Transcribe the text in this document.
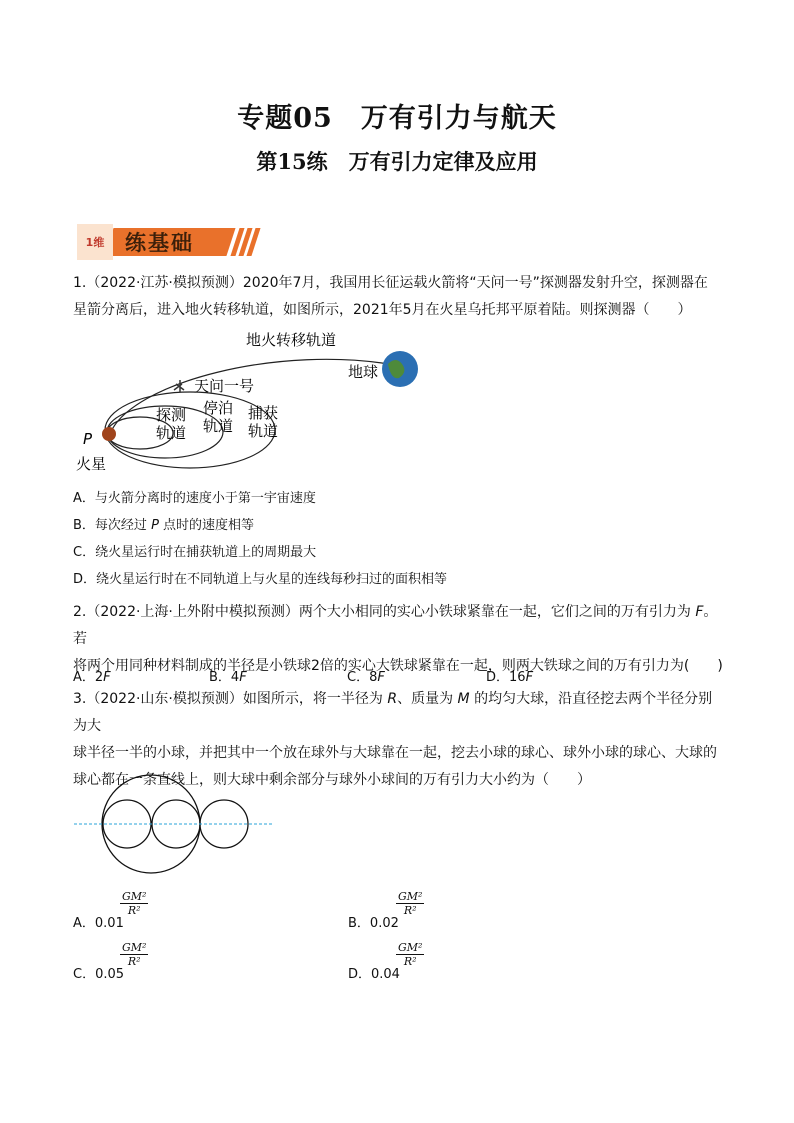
专题05　万有引力与航天
第15练　万有引力定律及应用
1维 练基础
1.（2022·江苏·模拟预测）2020年7月，我国用长征运载火箭将“天问一号”探测器发射升空，探测器在
星箭分离后，进入地火转移轨道，如图所示，2021年5月在火星乌托邦平原着陆。则探测器（　　）
地火转移轨道
地球
天问一号
探测
轨道
停泊
轨道
捕获
轨道
P
火星
A．与火箭分离时的速度小于第一宇宙速度
B．每次经过 P 点时的速度相等
C．绕火星运行时在捕获轨道上的周期最大
D．绕火星运行时在不同轨道上与火星的连线每秒扫过的面积相等
2.（2022·上海·上外附中模拟预测）两个大小相同的实心小铁球紧靠在一起，它们之间的万有引力为 F。若
将两个用同种材料制成的半径是小铁球2倍的实心大铁球紧靠在一起，则两大铁球之间的万有引力为(　　)
A．2F	B．4F	C．8F	D．16F
3.（2022·山东·模拟预测）如图所示，将一半径为 R、质量为 M 的均匀大球，沿直径挖去两个半径分别为大
球半径一半的小球，并把其中一个放在球外与大球靠在一起，挖去小球的球心、球外小球的球心、大球的
球心都在一条直线上，则大球中剩余部分与球外小球间的万有引力大小约为（　　）
A．0.01
$\frac{\text{GM²}}{\text{R²}}$
B．0.02
$\frac{\text{GM²}}{\text{R²}}$
C．0.05
$\frac{\text{GM²}}{\text{R²}}$
D．0.04
$\frac{\text{GM²}}{\text{R²}}$
